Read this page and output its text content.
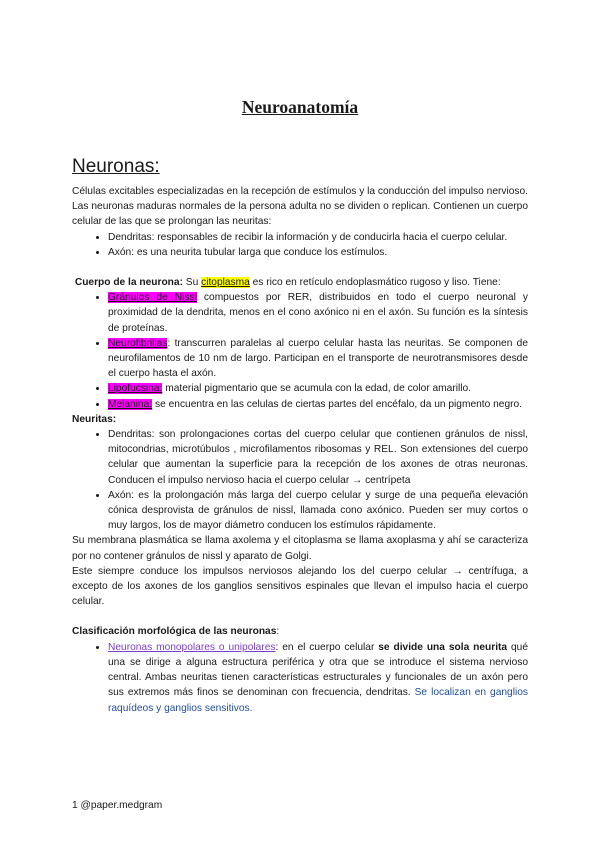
Neuroanatomía
Neuronas:

Células excitables especializadas en la recepción de estímulos y la conducción del impulso nervioso. Las neuronas maduras normales de la persona adulta no se dividen o replican. Contienen un cuerpo celular de las que se prolongan las neuritas:

• Dendritas: responsables de recibir la información y de conducirla hacia el cuerpo celular.
• Axón: es una neurita tubular larga que conduce los estímulos.

Cuerpo de la neurona: Su citoplasma es rico en retículo endoplasmático rugoso y liso. Tiene:

• Gránulos de Nissl compuestos por RER, distribuidos en todo el cuerpo neuronal y proximidad de la dendrita, menos en el cono axónico ni en el axón. Su función es la síntesis de proteínas.
• Neurofibrillas: transcurren paralelas al cuerpo celular hasta las neuritas. Se componen de neurofilamentos de 10 nm de largo. Participan en el transporte de neurotransmisores desde el cuerpo hasta el axón.
• Lipofucsina: material pigmentario que se acumula con la edad, de color amarillo.
• Melanina: se encuentra en las celulas de ciertas partes del encéfalo, da un pigmento negro.

Neuritas:

• Dendritas: son prolongaciones cortas del cuerpo celular que contienen gránulos de nissl, mitocondrias, microtúbulos , microfilamentos ribosomas y REL. Son extensiones del cuerpo celular que aumentan la superficie para la recepción de los axones de otras neuronas. Conducen el impulso nervioso hacia el cuerpo celular → centrípeta
• Axón: es la prolongación más larga del cuerpo celular y surge de una pequeña elevación cónica desprovista de gránulos de nissl, llamada cono axónico. Pueden ser muy cortos o muy largos, los de mayor diámetro conducen los estímulos rápidamente.

Su membrana plasmática se llama axolema y el citoplasma se llama axoplasma y ahí se caracteriza por no contener gránulos de nissl y aparato de Golgi.

Este siempre conduce los impulsos nerviosos alejando los del cuerpo celular → centrífuga, a excepto de los axones de los ganglios sensitivos espinales que llevan el impulso hacia el cuerpo celular.

Clasificación morfológica de las neuronas:

• Neuronas monopolares o unipolares: en el cuerpo celular se divide una sola neurita qué una se dirige a alguna estructura periférica y otra que se introduce el sistema nervioso central. Ambas neuritas tienen características estructurales y funcionales de un axón pero sus extremos más finos se denominan con frecuencia, dendritas. Se localizan en ganglios raquídeos y ganglios sensitivos.
1 @paper.medgram
